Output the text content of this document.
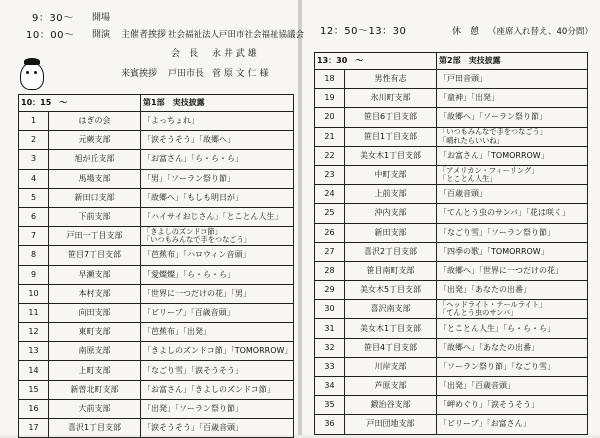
9：30～ 開場
10：00～ 開演 主催者挨拶 社会福祉法人戸田市社会福祉協議会
会　長 永 井 武 雄
来賓挨拶 戸田市長 菅 原 文 仁 様
12：50～13：30	休　憩 （座席入れ替え、40分間）
10：15　～		第1部　実技披露
1	はぎの会	「よっちょれ」

2	元蕨支部	「涙そうそう」「故郷へ」

3	旭が丘支部	「お富さん」「ら・ら・ら」

4	馬場支部	「男」「ソーラン祭り節」

5	新田口支部	「故郷へ」「もしも明日が」

6	下前支部	「ハイサイおじさん」「とことん人生」

7	戸田一丁目支部	「きよしのズンドコ節」
「いつもみんなで手をつなごう」

8	笹目7丁目支部	「芭蕉布」「ハロウィン音頭」

9	早瀬支部	「愛燦燦」「ら・ら・ら」

10	本村支部	「世界に一つだけの花」「男」

11	向田支部	「ビリーブ」「百歳音頭」

12	東町支部	「芭蕉布」「出発」

13	南原支部	「きよしのズンドコ節」「TOMORROW」

14	上町支部	「なごり雪」「涙そうそう」

15	新曽北町支部	「お富さん」「きよしのズンドコ節」

16	大前支部	「出発」「ソーラン祭り節」

17	喜沢1丁目支部	「涙そうそう」「百歳音頭」
13：30　～		第2部　実技披露
18	男性有志	「戸田音頭」

19	氷川町支部	「童神」「出発」

20	笹目6丁目支部	「故郷へ」「ソーラン祭り節」

21	笹目1丁目支部	「いつもみんなで手をつなごう」
「晴れたらいいね」

22	美女木1丁目支部	「お富さん」「TOMORROW」

23	中町支部	「アメリカン・フィーリング」
「とことん人生」

24	上前支部	「百歳音頭」

25	沖内支部	「てんとう虫のサンバ」「花は咲く」

26	新田支部	「なごり雪」「ソーラン祭り節」

27	喜沢2丁目支部	「四季の歌」「TOMORROW」

28	笹目南町支部	「故郷へ」「世界に一つだけの花」

29	美女木5丁目支部	「出発」「あなたの出番」

30	喜沢南支部	「ヘッドライト・テールライト」
「てんとう虫のサンバ」

31	美女木1丁目支部	「とことん人生」「ら・ら・ら」

32	笹目4丁目支部	「故郷へ」「あなたの出番」

33	川岸支部	「ソーラン祭り節」「なごり雪」

34	芦原支部	「出発」「百歳音頭」

35	鍛治谷支部	「岬めぐり」「涙そうそう」

36	戸田団地支部	「ビリーブ」「お富さん」
